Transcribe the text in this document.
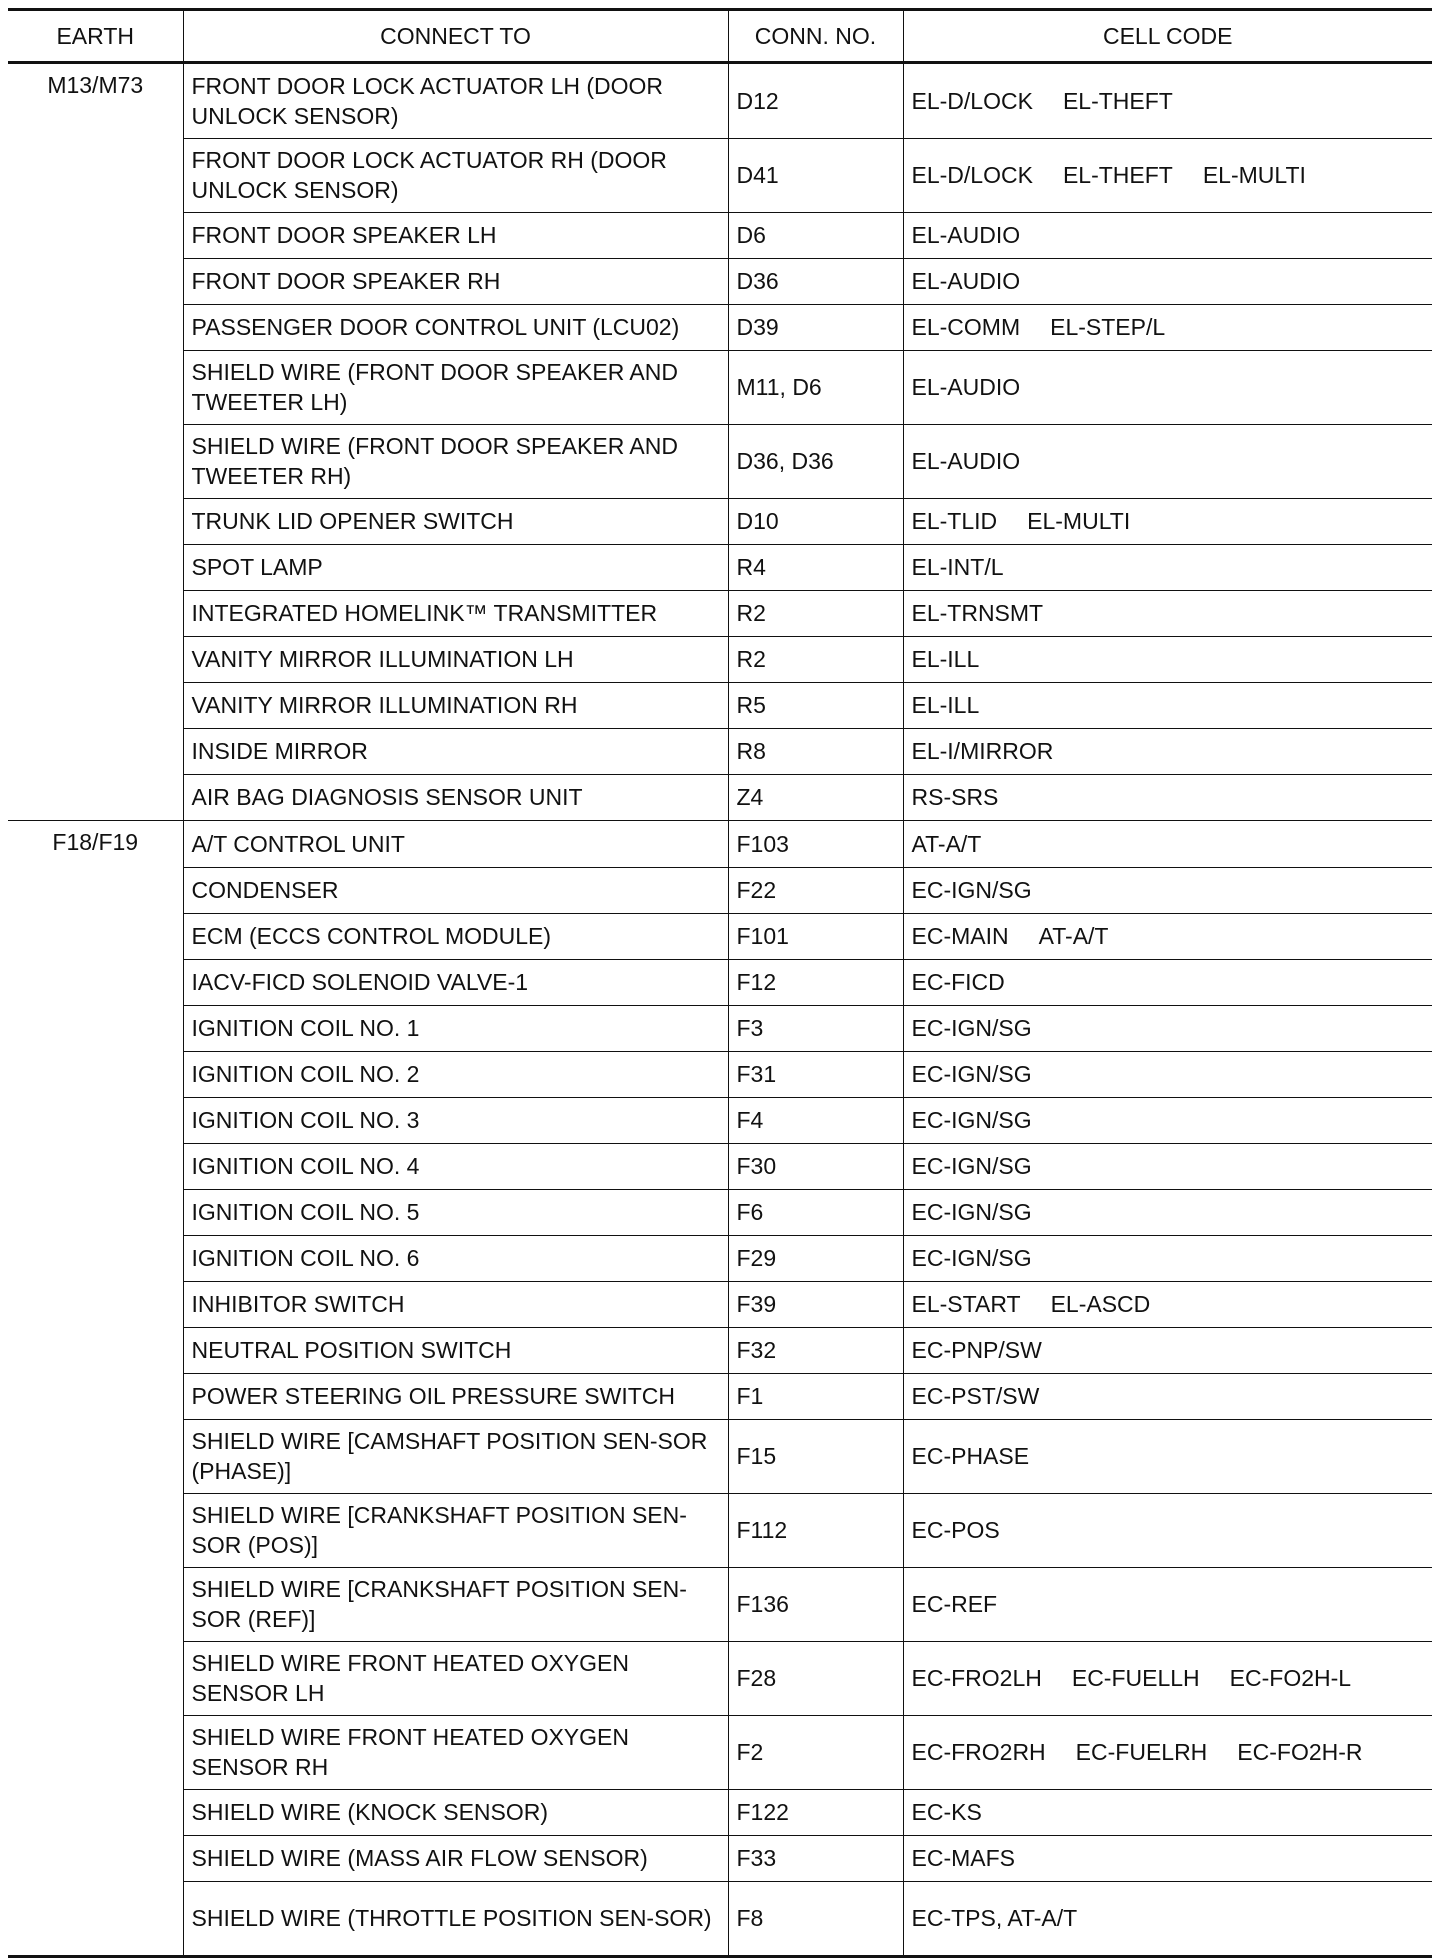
EARTH	CONNECT TO	CONN. NO.	CELL CODE
M13/M73	FRONT DOOR LOCK ACTUATOR LH (DOOR UNLOCK SENSOR)	D12	EL-D/LOCK EL-THEFT
	FRONT DOOR LOCK ACTUATOR RH (DOOR UNLOCK SENSOR)	D41	EL-D/LOCK EL-THEFT EL-MULTI
	FRONT DOOR SPEAKER LH	D6	EL-AUDIO
	FRONT DOOR SPEAKER RH	D36	EL-AUDIO
	PASSENGER DOOR CONTROL UNIT (LCU02)	D39	EL-COMM EL-STEP/L
	SHIELD WIRE (FRONT DOOR SPEAKER AND TWEETER LH)	M11, D6	EL-AUDIO
	SHIELD WIRE (FRONT DOOR SPEAKER AND TWEETER RH)	D36, D36	EL-AUDIO
	TRUNK LID OPENER SWITCH	D10	EL-TLID EL-MULTI
	SPOT LAMP	R4	EL-INT/L
	INTEGRATED HOMELINK™ TRANSMITTER	R2	EL-TRNSMT
	VANITY MIRROR ILLUMINATION LH	R2	EL-ILL
	VANITY MIRROR ILLUMINATION RH	R5	EL-ILL
	INSIDE MIRROR	R8	EL-I/MIRROR
	AIR BAG DIAGNOSIS SENSOR UNIT	Z4	RS-SRS
F18/F19	A/T CONTROL UNIT	F103	AT-A/T
	CONDENSER	F22	EC-IGN/SG
	ECM (ECCS CONTROL MODULE)	F101	EC-MAIN AT-A/T
	IACV-FICD SOLENOID VALVE-1	F12	EC-FICD
	IGNITION COIL NO. 1	F3	EC-IGN/SG
	IGNITION COIL NO. 2	F31	EC-IGN/SG
	IGNITION COIL NO. 3	F4	EC-IGN/SG
	IGNITION COIL NO. 4	F30	EC-IGN/SG
	IGNITION COIL NO. 5	F6	EC-IGN/SG
	IGNITION COIL NO. 6	F29	EC-IGN/SG
	INHIBITOR SWITCH	F39	EL-START EL-ASCD
	NEUTRAL POSITION SWITCH	F32	EC-PNP/SW
	POWER STEERING OIL PRESSURE SWITCH	F1	EC-PST/SW
	SHIELD WIRE [CAMSHAFT POSITION SEN-SOR (PHASE)]	F15	EC-PHASE
	SHIELD WIRE [CRANKSHAFT POSITION SEN-SOR (POS)]	F112	EC-POS
	SHIELD WIRE [CRANKSHAFT POSITION SEN-SOR (REF)]	F136	EC-REF
	SHIELD WIRE FRONT HEATED OXYGEN SENSOR LH	F28	EC-FRO2LH EC-FUELLH EC-FO2H-L
	SHIELD WIRE FRONT HEATED OXYGEN SENSOR RH	F2	EC-FRO2RH EC-FUELRH EC-FO2H-R
	SHIELD WIRE (KNOCK SENSOR)	F122	EC-KS
	SHIELD WIRE (MASS AIR FLOW SENSOR)	F33	EC-MAFS
	SHIELD WIRE (THROTTLE POSITION SEN-SOR)	F8	EC-TPS, AT-A/T
